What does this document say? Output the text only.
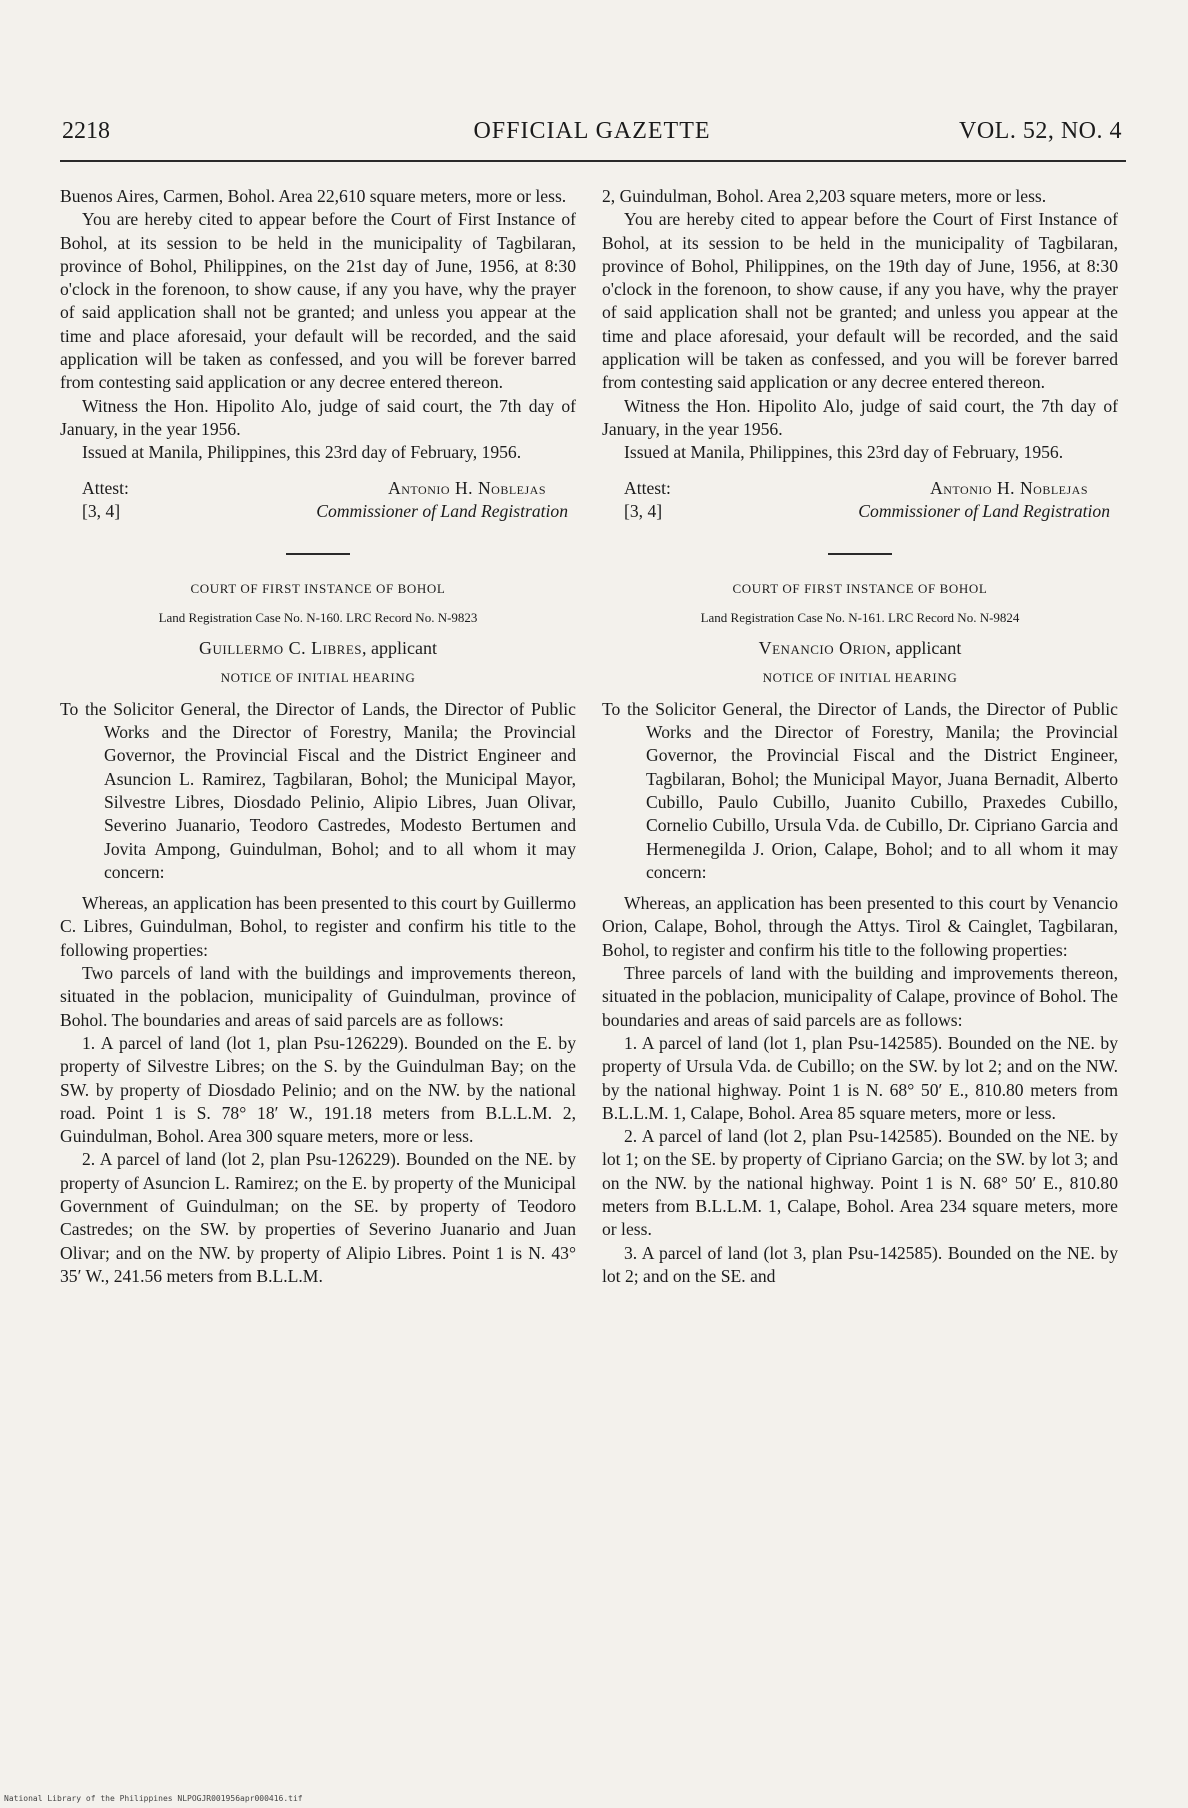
2218	OFFICIAL GAZETTE	VOL. 52, NO. 4

Buenos Aires, Carmen, Bohol. Area 22,610 square meters, more or less.

You are hereby cited to appear before the Court of First Instance of Bohol, at its session to be held in the municipality of Tagbilaran, province of Bohol, Philippines, on the 21st day of June, 1956, at 8:30 o'clock in the forenoon, to show cause, if any you have, why the prayer of said application shall not be granted; and unless you appear at the time and place aforesaid, your default will be recorded, and the said application will be taken as confessed, and you will be forever barred from contesting said application or any decree entered thereon.

Witness the Hon. Hipolito Alo, judge of said court, the 7th day of January, in the year 1956.

Issued at Manila, Philippines, this 23rd day of February, 1956.

Attest:
[3, 4]
Antonio H. Noblejas
Commissioner of Land Registration
COURT OF FIRST INSTANCE OF BOHOL
Land Registration Case No. N-160. LRC Record No. N-9823
Guillermo C. Libres, applicant
NOTICE OF INITIAL HEARING

To the Solicitor General, the Director of Lands, the Director of Public Works and the Director of Forestry, Manila; the Provincial Governor, the Provincial Fiscal and the District Engineer and Asuncion L. Ramirez, Tagbilaran, Bohol; the Municipal Mayor, Silvestre Libres, Diosdado Pelinio, Alipio Libres, Juan Olivar, Severino Juanario, Teodoro Castredes, Modesto Bertumen and Jovita Ampong, Guindulman, Bohol; and to all whom it may concern:

Whereas, an application has been presented to this court by Guillermo C. Libres, Guindulman, Bohol, to register and confirm his title to the following properties:

Two parcels of land with the buildings and improvements thereon, situated in the poblacion, municipality of Guindulman, province of Bohol. The boundaries and areas of said parcels are as follows:

1. A parcel of land (lot 1, plan Psu-126229). Bounded on the E. by property of Silvestre Libres; on the S. by the Guindulman Bay; on the SW. by property of Diosdado Pelinio; and on the NW. by the national road. Point 1 is S. 78° 18′ W., 191.18 meters from B.L.L.M. 2, Guindulman, Bohol. Area 300 square meters, more or less.

2. A parcel of land (lot 2, plan Psu-126229). Bounded on the NE. by property of Asuncion L. Ramirez; on the E. by property of the Municipal Government of Guindulman; on the SE. by property of Teodoro Castredes; on the SW. by properties of Severino Juanario and Juan Olivar; and on the NW. by property of Alipio Libres. Point 1 is N. 43° 35′ W., 241.56 meters from B.L.L.M.

2, Guindulman, Bohol. Area 2,203 square meters, more or less.

You are hereby cited to appear before the Court of First Instance of Bohol, at its session to be held in the municipality of Tagbilaran, province of Bohol, Philippines, on the 19th day of June, 1956, at 8:30 o'clock in the forenoon, to show cause, if any you have, why the prayer of said application shall not be granted; and unless you appear at the time and place aforesaid, your default will be recorded, and the said application will be taken as confessed, and you will be forever barred from contesting said application or any decree entered thereon.

Witness the Hon. Hipolito Alo, judge of said court, the 7th day of January, in the year 1956.

Issued at Manila, Philippines, this 23rd day of February, 1956.

Attest:
[3, 4]
Antonio H. Noblejas
Commissioner of Land Registration
COURT OF FIRST INSTANCE OF BOHOL
Land Registration Case No. N-161. LRC Record No. N-9824
Venancio Orion, applicant
NOTICE OF INITIAL HEARING

To the Solicitor General, the Director of Lands, the Director of Public Works and the Director of Forestry, Manila; the Provincial Governor, the Provincial Fiscal and the District Engineer, Tagbilaran, Bohol; the Municipal Mayor, Juana Bernadit, Alberto Cubillo, Paulo Cubillo, Juanito Cubillo, Praxedes Cubillo, Cornelio Cubillo, Ursula Vda. de Cubillo, Dr. Cipriano Garcia and Hermenegilda J. Orion, Calape, Bohol; and to all whom it may concern:

Whereas, an application has been presented to this court by Venancio Orion, Calape, Bohol, through the Attys. Tirol & Cainglet, Tagbilaran, Bohol, to register and confirm his title to the following properties:

Three parcels of land with the building and improvements thereon, situated in the poblacion, municipality of Calape, province of Bohol. The boundaries and areas of said parcels are as follows:

1. A parcel of land (lot 1, plan Psu-142585). Bounded on the NE. by property of Ursula Vda. de Cubillo; on the SW. by lot 2; and on the NW. by the national highway. Point 1 is N. 68° 50′ E., 810.80 meters from B.L.L.M. 1, Calape, Bohol. Area 85 square meters, more or less.

2. A parcel of land (lot 2, plan Psu-142585). Bounded on the NE. by lot 1; on the SE. by property of Cipriano Garcia; on the SW. by lot 3; and on the NW. by the national highway. Point 1 is N. 68° 50′ E., 810.80 meters from B.L.L.M. 1, Calape, Bohol. Area 234 square meters, more or less.

3. A parcel of land (lot 3, plan Psu-142585). Bounded on the NE. by lot 2; and on the SE. and

National Library of the Philippines NLPOGJR001956apr000416.tif
